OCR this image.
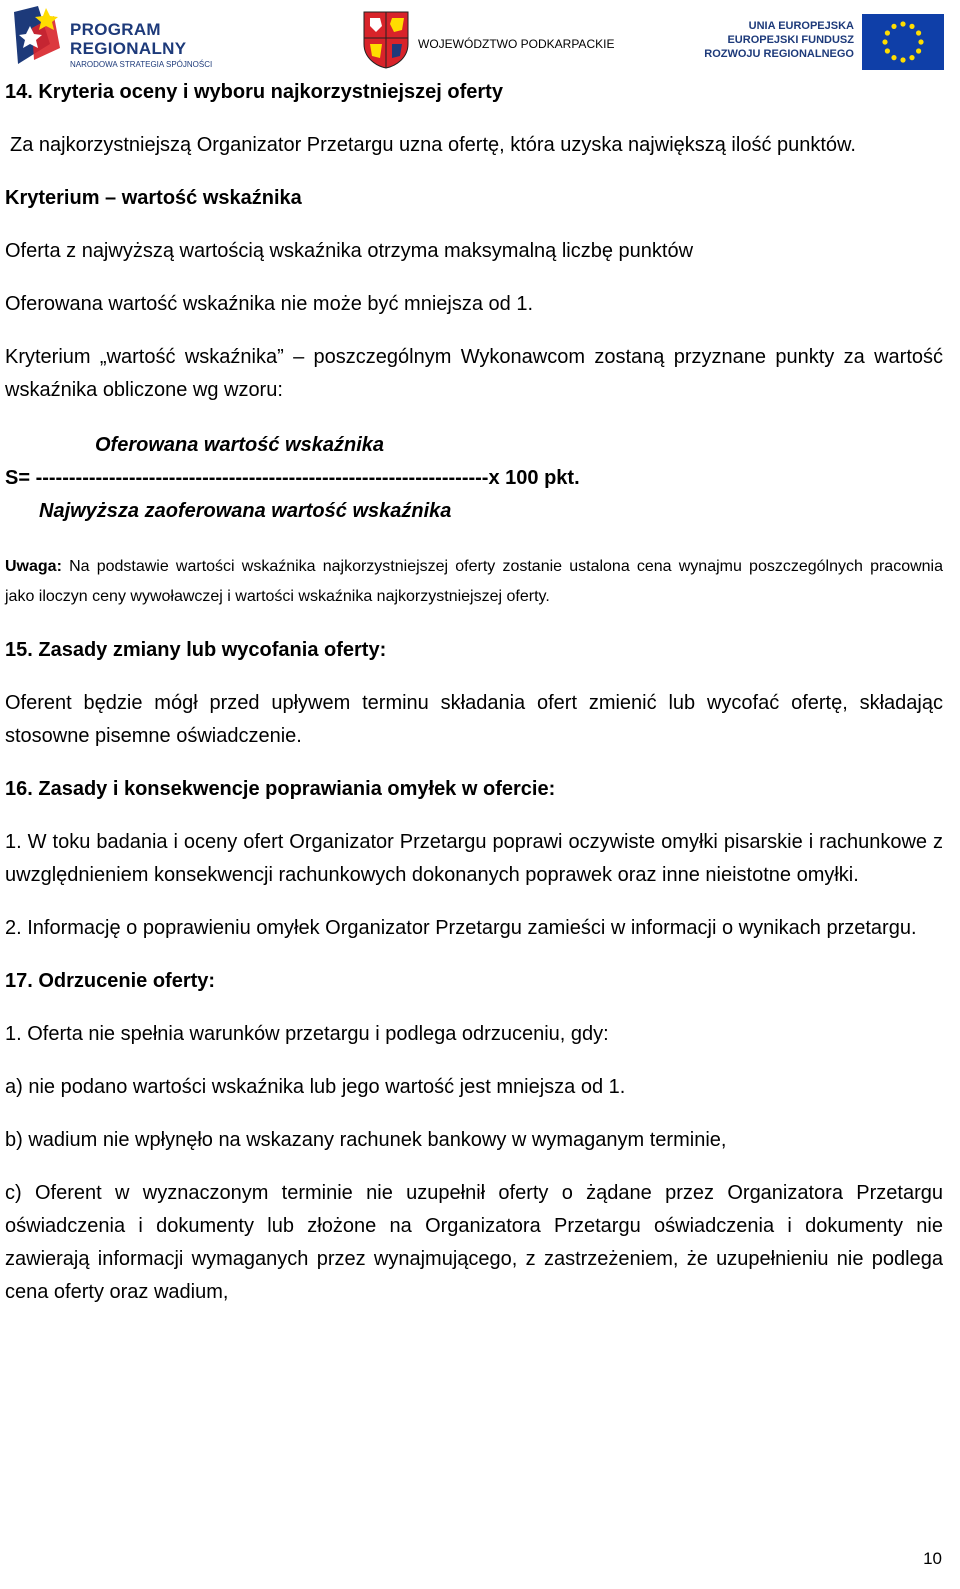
PROGRAM
REGIONALNY
NARODOWA STRATEGIA SPÓJNOŚCI
WOJEWÓDZTWO PODKARPACKIE
UNIA EUROPEJSKA
EUROPEJSKI FUNDUSZ
ROZWOJU REGIONALNEGO

14. Kryteria oceny i wyboru najkorzystniejszej oferty

Za najkorzystniejszą Organizator Przetargu uzna ofertę, która uzyska największą ilość punktów.

Kryterium – wartość wskaźnika

Oferta z najwyższą wartością wskaźnika otrzyma maksymalną liczbę punktów

Oferowana wartość wskaźnika nie może być mniejsza od 1.

Kryterium „wartość wskaźnika” – poszczególnym Wykonawcom zostaną przyznane punkty za wartość wskaźnika obliczone wg wzoru:

Oferowana wartość wskaźnika
S= --------------------------------------------------------------------x 100 pkt.
Najwyższa zaoferowana wartość wskaźnika
Uwaga: Na podstawie wartości wskaźnika najkorzystniejszej oferty zostanie ustalona cena wynajmu poszczególnych pracownia jako iloczyn ceny wywoławczej i wartości wskaźnika najkorzystniejszej oferty.

15. Zasady zmiany lub wycofania oferty:

Oferent będzie mógł przed upływem terminu składania ofert zmienić lub wycofać ofertę, składając stosowne pisemne oświadczenie.

16. Zasady i konsekwencje poprawiania omyłek w ofercie:

1. W toku badania i oceny ofert Organizator Przetargu poprawi oczywiste omyłki pisarskie i rachunkowe z uwzględnieniem konsekwencji rachunkowych dokonanych poprawek oraz inne nieistotne omyłki.

2. Informację o poprawieniu omyłek Organizator Przetargu zamieści w informacji o wynikach przetargu.

17. Odrzucenie oferty:

1. Oferta nie spełnia warunków przetargu i podlega odrzuceniu, gdy:

a) nie podano wartości wskaźnika lub jego wartość jest mniejsza od 1.

b) wadium nie wpłynęło na wskazany rachunek bankowy w wymaganym terminie,

c) Oferent w wyznaczonym terminie nie uzupełnił oferty o żądane przez Organizatora Przetargu oświadczenia i dokumenty lub złożone na Organizatora Przetargu oświadczenia i dokumenty nie zawierają informacji wymaganych przez wynajmującego, z zastrzeżeniem, że uzupełnieniu nie podlega cena oferty oraz wadium,

10
